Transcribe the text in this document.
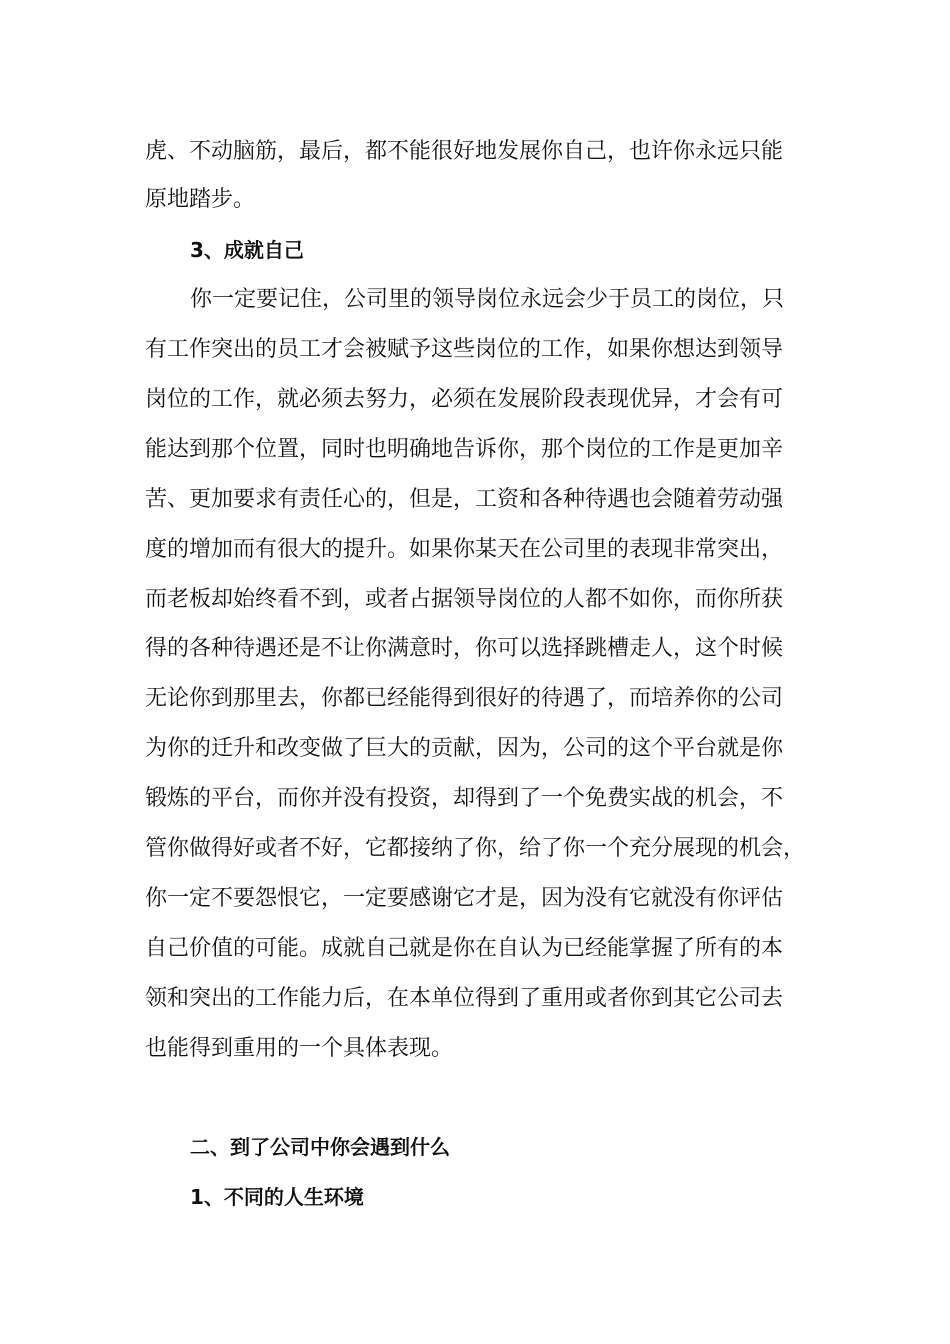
虎、不动脑筋，最后，都不能很好地发展你自己，也许你永远只能
原地踏步。
3、成就自己
你一定要记住，公司里的领导岗位永远会少于员工的岗位，只
有工作突出的员工才会被赋予这些岗位的工作，如果你想达到领导
岗位的工作，就必须去努力，必须在发展阶段表现优异，才会有可
能达到那个位置，同时也明确地告诉你，那个岗位的工作是更加辛
苦、更加要求有责任心的，但是，工资和各种待遇也会随着劳动强
度的增加而有很大的提升。如果你某天在公司里的表现非常突出，
而老板却始终看不到，或者占据领导岗位的人都不如你，而你所获
得的各种待遇还是不让你满意时，你可以选择跳槽走人，这个时候
无论你到那里去，你都已经能得到很好的待遇了，而培养你的公司
为你的迁升和改变做了巨大的贡献，因为，公司的这个平台就是你
锻炼的平台，而你并没有投资，却得到了一个免费实战的机会，不
管你做得好或者不好，它都接纳了你，给了你一个充分展现的机会，
你一定不要怨恨它，一定要感谢它才是，因为没有它就没有你评估
自己价值的可能。成就自己就是你在自认为已经能掌握了所有的本
领和突出的工作能力后，在本单位得到了重用或者你到其它公司去
也能得到重用的一个具体表现。
二、到了公司中你会遇到什么
1、不同的人生环境
